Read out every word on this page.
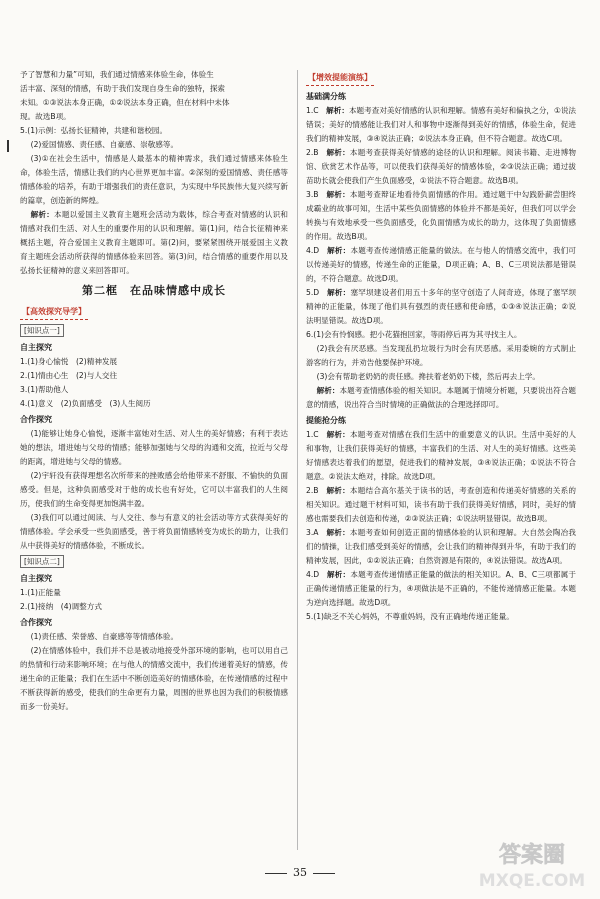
予了智慧和力量”可知，我们通过情感来体验生命，体验生

活丰富、深刻的情感，有助于我们发现自身生命的独特，探索

未知。①③说法本身正确，①②说法本身正确，但在材料中未体

现。故选B项。

5.(1)示例：弘扬长征精神，共建和谐校园。

(2)爱国情感、责任感、自豪感、崇敬感等。

(3)①在社会生活中，情感是人最基本的精神需求，我们通过情感来体验生命，体验生活，情感让我们的内心世界更加丰富。②深刻的爱国情感、责任感等情感体验的培养，有助于增强我们的责任意识，为实现中华民族伟大复兴续写新的篇章，创造新的辉煌。

解析：本题以爱国主义教育主题班会活动为载体，综合考查对情感的认识和情感对我们生活、对人生的重要作用的认识和理解。第(1)问，结合长征精神来概括主题，符合爱国主义教育主题即可。第(2)问，要紧紧围绕开展爱国主义教育主题班会活动所获得的情感体验来回答。第(3)问，结合情感的重要作用以及弘扬长征精神的意义来回答即可。

第二框　在品味情感中成长
【高效探究导学】
[知识点一]
自主探究

1.(1)身心愉悦　(2)精神发展

2.(1)情由心生　(2)与人交往

3.(1)帮助他人

4.(1)意义　(2)负面感受　(3)人生阅历

合作探究

(1)能够让她身心愉悦，逐渐丰富她对生活、对人生的美好情感；有利于表达她的想法，增进她与父母的情感；能够加强她与父母的沟通和交流，拉近与父母的距离，增进她与父母的情感。

(2)宇轩没有获得理想名次所带来的挫败感会给他带来不舒服、不愉快的负面感受。但是，这种负面感受对于他的成长也有好处，它可以丰富我们的人生阅历，使我们的生命变得更加饱满丰盈。

(3)我们可以通过阅读、与人交往、参与有意义的社会活动等方式获得美好的情感体验。学会承受一些负面感受，善于将负面情感转变为成长的助力，让我们从中获得美好的情感体验，不断成长。

[知识点二]
自主探究

1.(1)正能量

2.(1)接纳　(4)调整方式

合作探究

(1)责任感、荣誉感、自豪感等等情感体验。

(2)在情感体验中，我们并不总是被动地接受外部环境的影响，也可以用自己的热情和行动来影响环境；在与他人的情感交流中，我们传递着美好的情感，传递生命的正能量；我们在生活中不断创造美好的情感体验，在传递情感的过程中不断获得新的感受，使我们的生命更有力量，周围的世界也因为我们的积极情感而多一份美好。

【增效提能演练】
基础满分练

1.C　解析：本题考查对美好情感的认识和理解。情感有美好和偏执之分，①说法错误；美好的情感能让我们对人和事物中逐渐得到美好的情感，体验生命，促进我们的精神发展，③④说法正确；②说法本身正确，但不符合题意。故选C项。

2.B　解析：本题考查获得美好情感的途径的认识和理解。阅读书籍、走进博物馆、欣赏艺术作品等，可以使我们获得美好的情感体验，②③说法正确；通过拔苗助长就会使我们产生负面感受，①说法不符合题意。故选B项。

3.B　解析：本题考查辩证地看待负面情感的作用。通过题干中勾践卧薪尝胆终成霸业的故事可知，生活中某些负面情感的体验并不都是美好，但我们可以学会转换与有效地承受一些负面感受，化负面情感为成长的助力，这体现了负面情感的作用。故选B项。

4.D　解析：本题考查传递情感正能量的做法。在与他人的情感交流中，我们可以传递美好的情感，传递生命的正能量，D项正确；A、B、C三项说法都是错误的，不符合题意。故选D项。

5.D　解析：塞罕坝建设者们用五十多年的坚守创造了人间奇迹，体现了塞罕坝精神的正能量，体现了他们具有强烈的责任感和使命感，①③④说法正确；②说法明显错误。故选D项。

6.(1)会有怜悯感。把小花猫抱回家，等雨停后再为其寻找主人。

(2)我会有厌恶感。当发现乱扔垃圾行为时会有厌恶感。采用委婉的方式制止游客的行为，并劝告他要保护环境。

(3)会有帮助老奶奶的责任感。搀扶着老奶奶下楼，然后再去上学。

解析：本题考查情感体验的相关知识。本题属于情境分析题，只要说出符合题意的情感，说出符合当时情境的正确做法的合理选择即可。

提能抢分练

1.C　解析：本题考查对情感在我们生活中的重要意义的认识。生活中美好的人和事物，让我们获得美好的情感，丰富我们的生活、对人生的美好情感。这些美好情感表达着我们的愿望，促进我们的精神发展，③④说法正确；①说法不符合题意。②说法太绝对，排除。故选D项。

2.B　解析：本题结合高尔基关于读书的话，考查创造和传递美好情感的关系的相关知识。通过题干材料可知，读书有助于我们获得美好情感，同时，美好的情感也需要我们去创造和传递，②③说法正确；①说法明显错误。故选B项。

3.A　解析：本题考查如何创造正面的情感体验的认识和理解。大自然会陶冶我们的情操，让我们感受到美好的情感，会让我们的精神得到升华，有助于我们的精神发展，因此，①②说法正确；自然资源是有限的，④说法错误。故选A项。

4.D　解析：本题考查传递情感正能量的做法的相关知识。A、B、C三项都属于正确传递情感正能量的行为，④项做法是不正确的，不能传递情感正能量。本题为逆向选择题。故选D项。

5.(1)缺乏不关心妈妈，不尊重妈妈，没有正确地传递正能量。

35
答案圈
MXQE.COM
